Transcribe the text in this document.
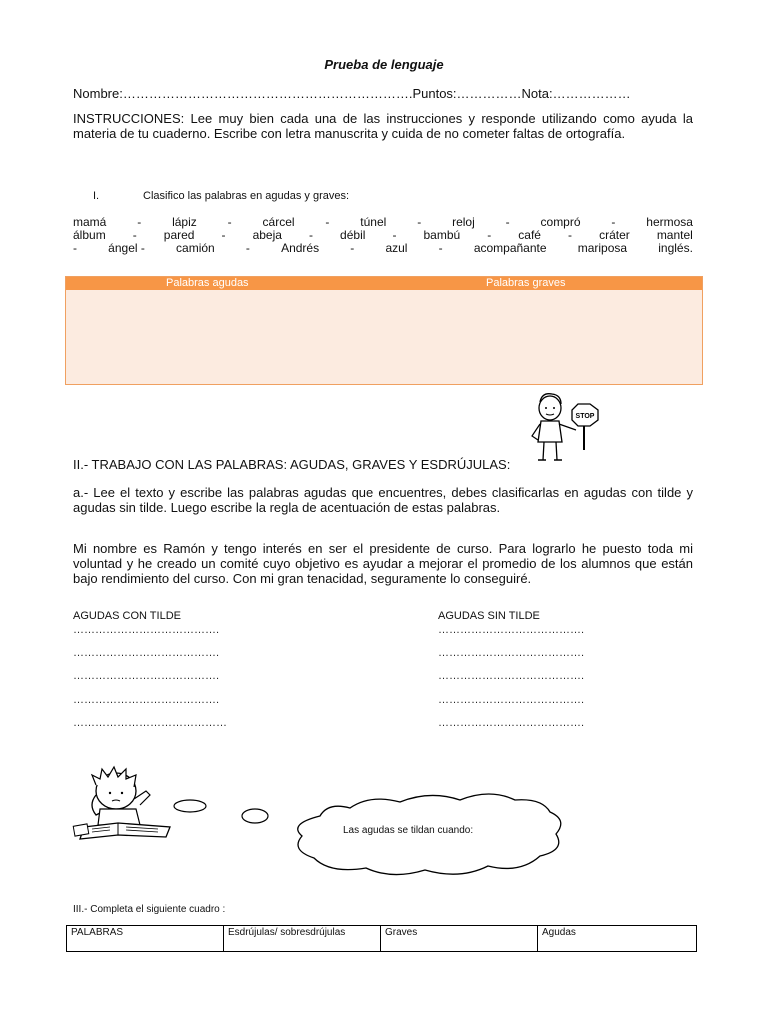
Prueba de lenguaje
Nombre:………………………………………………………….Puntos:……………Nota:………………
INSTRUCCIONES: Lee muy bien cada una de las instrucciones y responde utilizando como ayuda la materia de tu cuaderno. Escribe con letra manuscrita y cuida de no cometer faltas de ortografía.
I.	Clasifico las palabras en agudas y graves:
mamá	-	lápiz	-	cárcel	-	túnel	-	reloj	-	compró	-	hermosa
álbum - pared - abeja - débil - bambú - café - cráter mantel
-	ángel -	camión	-	Andrés	-	azul	-	acompañante	mariposa	inglés.
Palabras agudas	Palabras graves
STOP
II.- TRABAJO CON LAS PALABRAS: AGUDAS, GRAVES Y ESDRÚJULAS:
a.- Lee el texto y escribe las palabras agudas que encuentres, debes clasificarlas en agudas con tilde y agudas sin tilde. Luego escribe la regla de acentuación de estas palabras.
Mi nombre es Ramón y tengo interés en ser el presidente de curso. Para lograrlo he puesto toda mi voluntad y he creado un comité cuyo objetivo es ayudar a mejorar el promedio de los alumnos que están bajo rendimiento del curso. Con mi gran tenacidad, seguramente lo conseguiré.
AGUDAS CON TILDE	AGUDAS SIN TILDE
………………………………….
………………………………….
………………………………….
………………………………….
……………………………………
………………………………….
………………………………….
………………………………….
………………………………….
………………………………….
Las agudas se tildan cuando:
III.- Completa el siguiente cuadro :
PALABRAS	Esdrújulas/ sobresdrújulas	Graves	Agudas
